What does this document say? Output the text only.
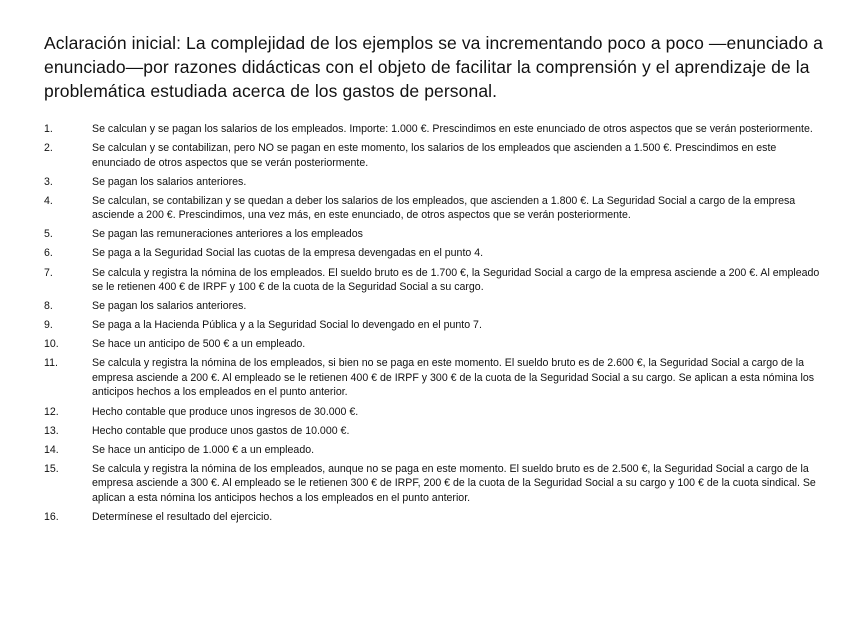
Aclaración inicial: La complejidad de los ejemplos se va incrementando poco a poco —enunciado a enunciado—por razones didácticas con el objeto de facilitar la comprensión y el aprendizaje de la problemática estudiada acerca de los gastos de personal.

1.	Se calculan y se pagan los salarios de los empleados. Importe: 1.000 €. Prescindimos en este enunciado de otros aspectos que se verán posteriormente.
2.	Se calculan y se contabilizan, pero NO se pagan en este momento, los salarios de los empleados que ascienden a 1.500 €. Prescindimos en este enunciado de otros aspectos que se verán posteriormente.
3.	Se pagan los salarios anteriores.
4.	Se calculan, se contabilizan y se quedan a deber los salarios de los empleados, que ascienden a 1.800 €. La Seguridad Social a cargo de la empresa asciende a 200 €. Prescindimos, una vez más, en este enunciado, de otros aspectos que se verán posteriormente.
5.	Se pagan las remuneraciones anteriores a los empleados
6.	Se paga a la Seguridad Social las cuotas de la empresa devengadas en el punto 4.
7.	Se calcula y registra la nómina de los empleados. El sueldo bruto es de 1.700 €, la Seguridad Social a cargo de la empresa asciende a 200 €. Al empleado se le retienen 400 € de IRPF y 100 € de la cuota de la Seguridad Social a su cargo.
8.	Se pagan los salarios anteriores.
9.	Se paga a la Hacienda Pública y a la Seguridad Social lo devengado en el punto 7.
10.	Se hace un anticipo de 500 € a un empleado.
11.	Se calcula y registra la nómina de los empleados, si bien no se paga en este momento. El sueldo bruto es de 2.600 €, la Seguridad Social a cargo de la empresa asciende a 200 €. Al empleado se le retienen 400 € de IRPF y 300 € de la cuota de la Seguridad Social a su cargo. Se aplican a esta nómina los anticipos hechos a los empleados en el punto anterior.
12.	Hecho contable que produce unos ingresos de 30.000 €.
13.	Hecho contable que produce unos gastos de 10.000 €.
14.	Se hace un anticipo de 1.000 € a un empleado.
15.	Se calcula y registra la nómina de los empleados, aunque no se paga en este momento. El sueldo bruto es de 2.500 €, la Seguridad Social a cargo de la empresa asciende a 300 €. Al empleado se le retienen 300 € de IRPF, 200 € de la cuota de la Seguridad Social a su cargo y 100 € de la cuota sindical. Se aplican a esta nómina los anticipos hechos a los empleados en el punto anterior.
16.	Determínese el resultado del ejercicio.
